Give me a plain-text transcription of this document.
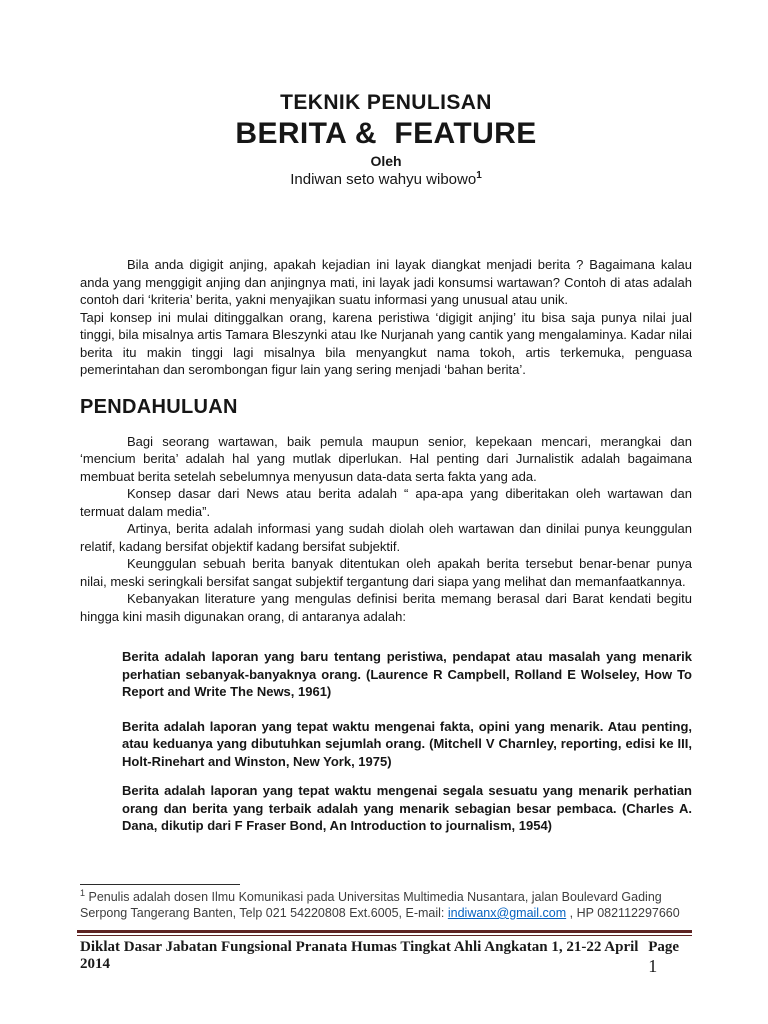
TEKNIK PENULISAN
BERITA &  FEATURE
Oleh
Indiwan seto wahyu wibowo$^1$

Bila anda digigit anjing, apakah kejadian ini layak diangkat menjadi berita ? Bagaimana kalau anda yang menggigit anjing dan anjingnya mati, ini layak jadi konsumsi wartawan? Contoh di atas adalah contoh dari ‘kriteria’ berita, yakni menyajikan suatu informasi yang unusual atau unik.

Tapi konsep ini mulai ditinggalkan orang, karena peristiwa ‘digigit anjing’ itu bisa saja punya nilai jual tinggi, bila misalnya artis Tamara Bleszynki atau Ike Nurjanah yang cantik yang mengalaminya. Kadar nilai berita itu makin tinggi lagi misalnya bila menyangkut nama tokoh, artis terkemuka, penguasa pemerintahan dan serombongan figur lain yang sering menjadi ‘bahan berita’.

PENDAHULUAN

Bagi seorang wartawan, baik pemula maupun senior, kepekaan mencari, merangkai dan ‘mencium berita’ adalah hal yang mutlak diperlukan. Hal penting dari Jurnalistik adalah bagaimana membuat berita setelah sebelumnya menyusun data-data serta fakta yang ada.

Konsep dasar dari News atau berita adalah “ apa-apa yang diberitakan oleh wartawan dan termuat dalam media”.

Artinya, berita adalah informasi yang sudah diolah oleh wartawan dan dinilai punya keunggulan relatif, kadang bersifat objektif kadang bersifat subjektif.

Keunggulan sebuah berita banyak ditentukan oleh apakah berita tersebut benar-benar punya nilai, meski seringkali bersifat sangat subjektif tergantung dari siapa yang melihat dan memanfaatkannya.

Kebanyakan literature yang mengulas definisi berita memang berasal dari Barat kendati begitu hingga kini masih digunakan orang, di antaranya adalah:

Berita adalah laporan yang baru tentang peristiwa, pendapat atau masalah yang menarik perhatian sebanyak-banyaknya orang. (Laurence R Campbell, Rolland E Wolseley, How To Report and Write The News, 1961)

Berita adalah laporan yang tepat waktu mengenai fakta, opini yang menarik. Atau penting, atau keduanya yang dibutuhkan sejumlah orang. (Mitchell V Charnley, reporting, edisi ke III, Holt-Rinehart and Winston, New York, 1975)

Berita adalah laporan yang tepat waktu mengenai segala sesuatu yang menarik perhatian orang dan berita yang terbaik adalah yang menarik sebagian besar pembaca. (Charles A. Dana, dikutip dari F Fraser Bond, An Introduction to journalism, 1954)

$^1$ Penulis adalah dosen Ilmu Komunikasi pada Universitas Multimedia Nusantara, jalan Boulevard Gading Serpong Tangerang Banten, Telp 021 54220808 Ext.6005, E-mail: indiwanx@gmail.com , HP 082112297660
Diklat Dasar Jabatan Fungsional Pranata Humas Tingkat Ahli Angkatan 1, 21-22 April 2014
Page 1
